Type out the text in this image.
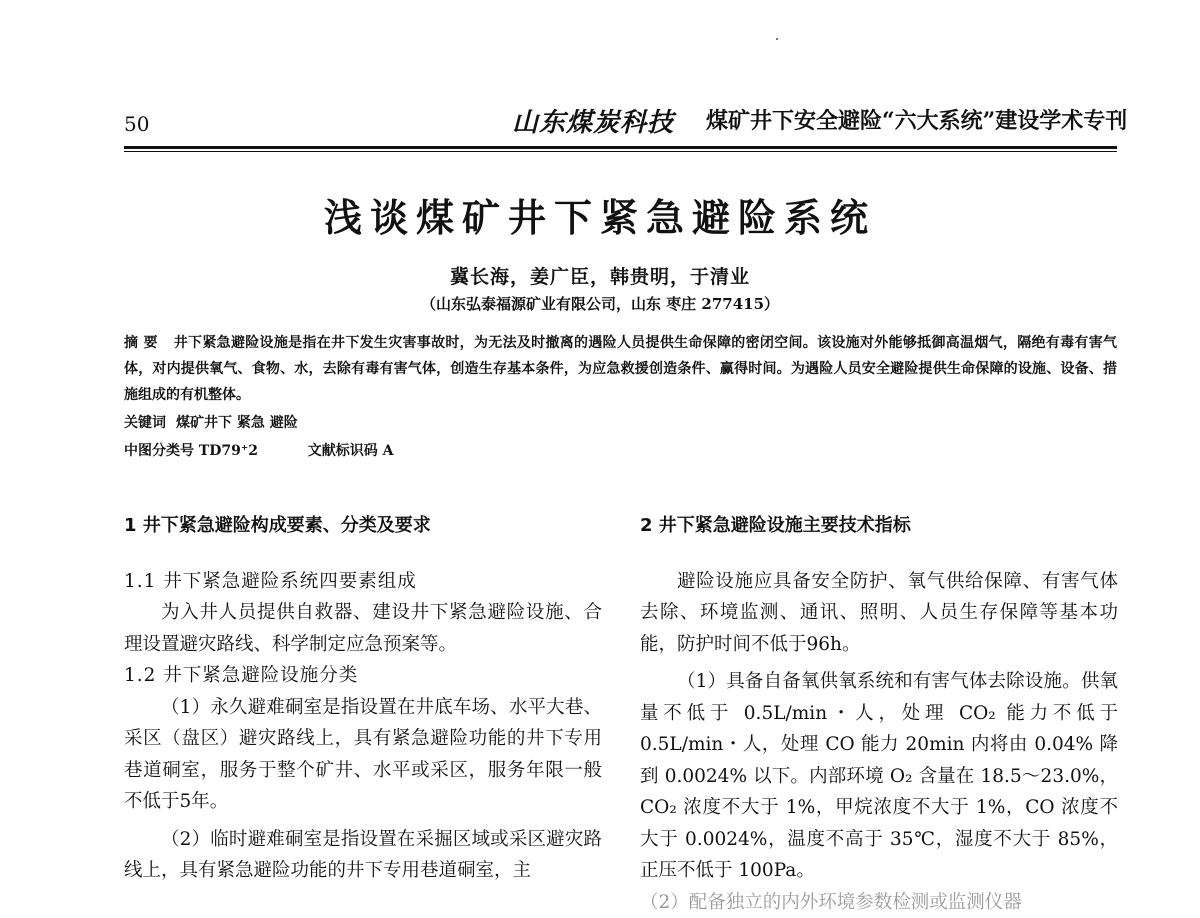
50	山东煤炭科技 煤矿井下安全避险“六大系统”建设学术专刊
浅谈煤矿井下紧急避险系统
冀长海，姜广臣，韩贵明，于清业
（山东弘泰福源矿业有限公司，山东 枣庄 277415）
摘 要 井下紧急避险设施是指在井下发生灾害事故时，为无法及时撤离的遇险人员提供生命保障的密闭空间。该设施对外能够抵御高温烟气，隔绝有毒有害气体，对内提供氧气、食物、水，去除有毒有害气体，创造生存基本条件，为应急救援创造条件、赢得时间。为遇险人员安全避险提供生命保障的设施、设备、措施组成的有机整体。
关键词 煤矿井下 紧急 避险
中图分类号 TD79⁺2	文献标识码 A
1 井下紧急避险构成要素、分类及要求

1.1 井下紧急避险系统四要素组成

为入井人员提供自救器、建设井下紧急避险设施、合理设置避灾路线、科学制定应急预案等。

1.2 井下紧急避险设施分类

（1）永久避难硐室是指设置在井底车场、水平大巷、采区（盘区）避灾路线上，具有紧急避险功能的井下专用巷道硐室，服务于整个矿井、水平或采区，服务年限一般不低于5年。

（2）临时避难硐室是指设置在采掘区域或采区避灾路线上，具有紧急避险功能的井下专用巷道硐室，主

2 井下紧急避险设施主要技术指标

避险设施应具备安全防护、氧气供给保障、有害气体去除、环境监测、通讯、照明、人员生存保障等基本功能，防护时间不低于96h。

（1）具备自备氧供氧系统和有害气体去除设施。供氧量不低于 0.5L/min・人，处理 CO₂ 能力不低于 0.5L/min・人，处理 CO 能力 20min 内将由 0.04% 降到 0.0024% 以下。内部环境 O₂ 含量在 18.5～23.0%，CO₂ 浓度不大于 1%，甲烷浓度不大于 1%，CO 浓度不大于 0.0024%，温度不高于 35℃，湿度不大于 85%，正压不低于 100Pa。

（2）配备独立的内外环境参数检测或监测仪器
